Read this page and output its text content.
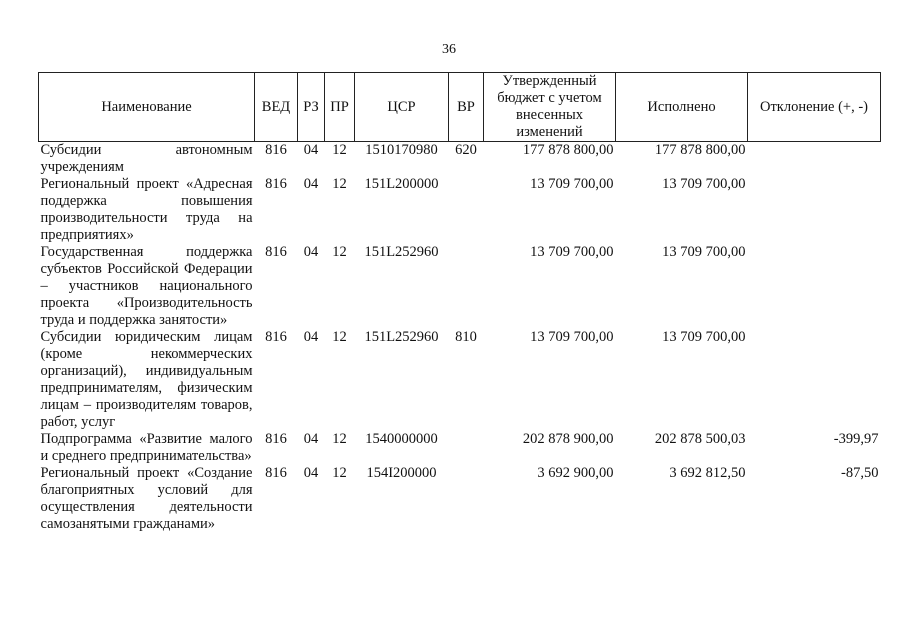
36
Наименование	ВЕД	РЗ	ПР	ЦСР	ВР	Утвержденный бюджет с учетом внесенных изменений	Исполнено	Отклонение (+, -)
Субсидии автономным учреждениям	816	04	12	1510170980	620	177 878 800,00	177 878 800,00	
Региональный проект «Адресная поддержка повышения производительности труда на предприятиях»	816	04	12	151L200000		13 709 700,00	13 709 700,00	
Государственная поддержка субъектов Российской Федерации – участников национального проекта «Производительность труда и поддержка занятости»	816	04	12	151L252960		13 709 700,00	13 709 700,00	
Субсидии юридическим лицам (кроме некоммерческих организаций), индивидуальным предпринимателям, физическим лицам – производителям товаров, работ, услуг	816	04	12	151L252960	810	13 709 700,00	13 709 700,00	
Подпрограмма «Развитие малого и среднего предпринимательства»	816	04	12	1540000000		202 878 900,00	202 878 500,03	-399,97
Региональный проект «Создание благоприятных условий для осуществления деятельности самозанятыми гражданами»	816	04	12	154I200000		3 692 900,00	3 692 812,50	-87,50
